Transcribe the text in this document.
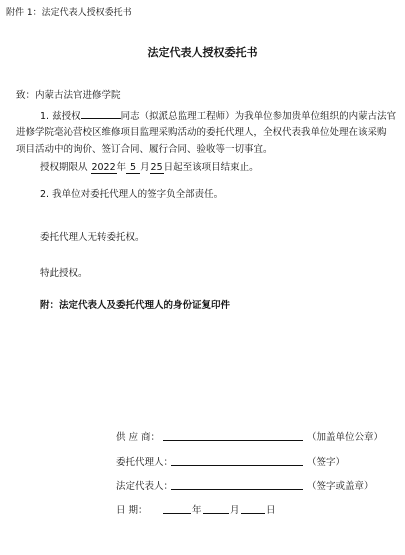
附件 1：法定代表人授权委托书
法定代表人授权委托书
致：内蒙古法官进修学院
1. 兹授权	同志（拟派总监理工程师）为我单位参加贵单位组织的内蒙古法官
进修学院毫沁营校区维修项目监理采购活动的委托代理人，全权代表我单位处理在该采购
项目活动中的询价、签订合同、履行合同、验收等一切事宜。
授权期限从 2022年 5 月25日起至该项目结束止。
2. 我单位对委托代理人的签字负全部责任。
委托代理人无转委托权。
特此授权。
附：法定代表人及委托代理人的身份证复印件
供 应 商：	（加盖单位公章）
委托代理人：	（签字）
法定代表人：	（签字或盖章）
日 期：	年	月	日
